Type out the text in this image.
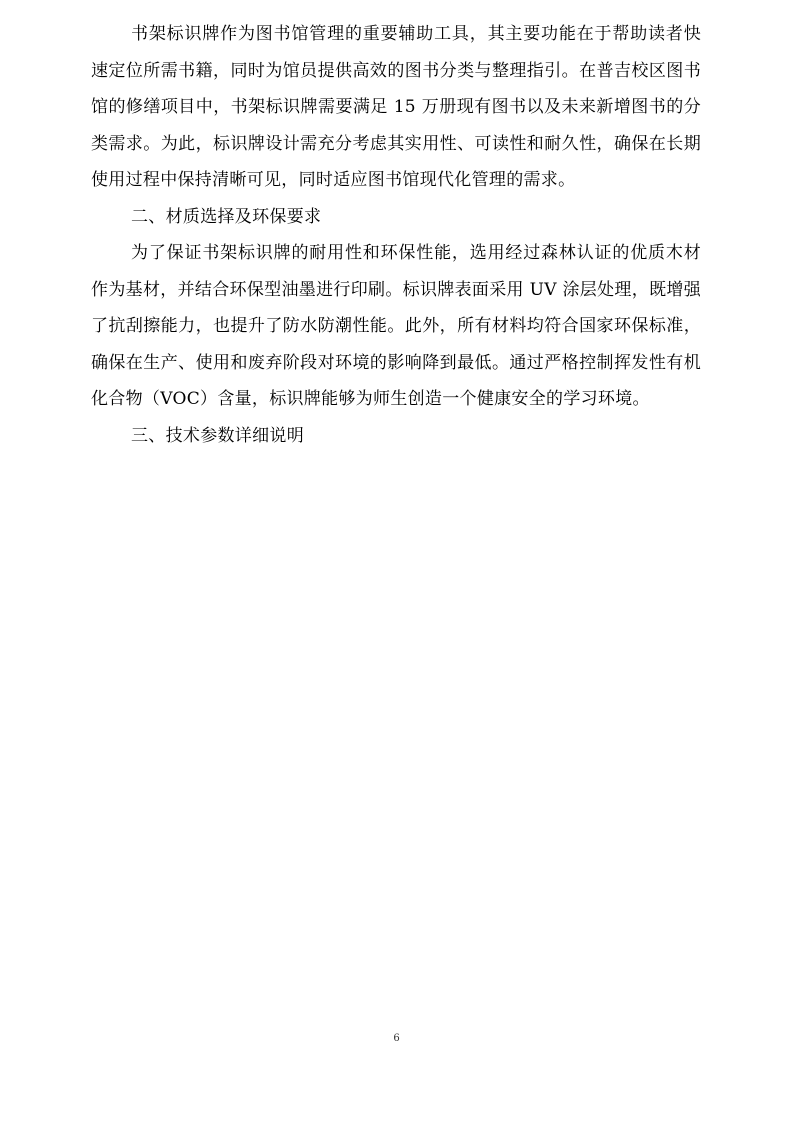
书架标识牌作为图书馆管理的重要辅助工具，其主要功能在于帮助读者快速定位所需书籍，同时为馆员提供高效的图书分类与整理指引。在普吉校区图书馆的修缮项目中，书架标识牌需要满足 15 万册现有图书以及未来新增图书的分类需求。为此，标识牌设计需充分考虑其实用性、可读性和耐久性，确保在长期使用过程中保持清晰可见，同时适应图书馆现代化管理的需求。

二、材质选择及环保要求

为了保证书架标识牌的耐用性和环保性能，选用经过森林认证的优质木材作为基材，并结合环保型油墨进行印刷。标识牌表面采用 UV 涂层处理，既增强了抗刮擦能力，也提升了防水防潮性能。此外，所有材料均符合国家环保标准，确保在生产、使用和废弃阶段对环境的影响降到最低。通过严格控制挥发性有机化合物（VOC）含量，标识牌能够为师生创造一个健康安全的学习环境。

三、技术参数详细说明

6
